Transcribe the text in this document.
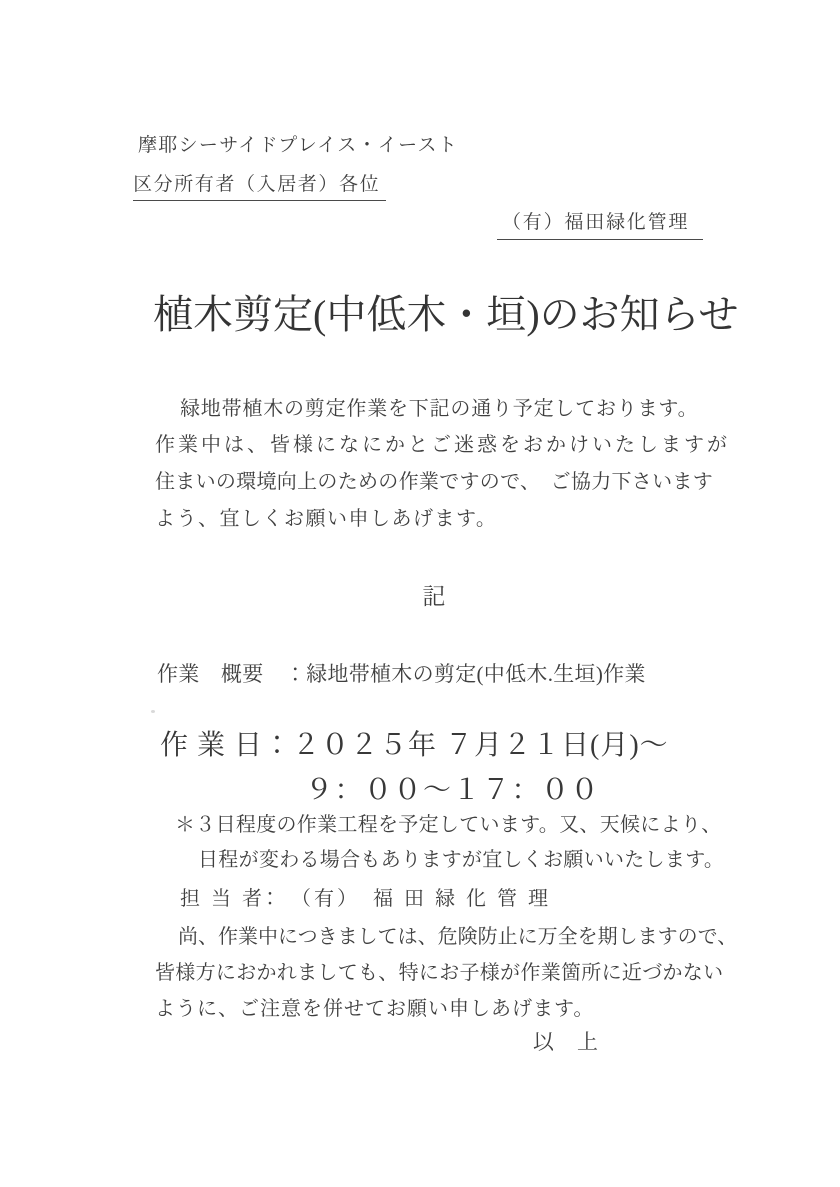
摩耶シーサイドプレイス・イースト
区分所有者（入居者）各位
（有）福田緑化管理
植木剪定(中低木・垣)のお知らせ
緑地帯植木の剪定作業を下記の通り予定しております。
作業中は、皆様になにかとご迷惑をおかけいたしますが
住まいの環境向上のための作業ですので、　ご協力下さいます
よう、宜しくお願い申しあげます。
記
作業　概要　：緑地帯植木の剪定(中低木.生垣)作業
作 業 日：２０２５年 ７月２１日(月)～
９：００～１７：００
＊３日程度の作業工程を予定しています。又、天候により、
日程が変わる場合もありますが宜しくお願いいたします。
担 当 者：　（有）　福 田 緑 化 管 理
尚、作業中につきましては、危険防止に万全を期しますので、
皆様方におかれましても、特にお子様が作業箇所に近づかない
ように、ご注意を併せてお願い申しあげます。
以　上
